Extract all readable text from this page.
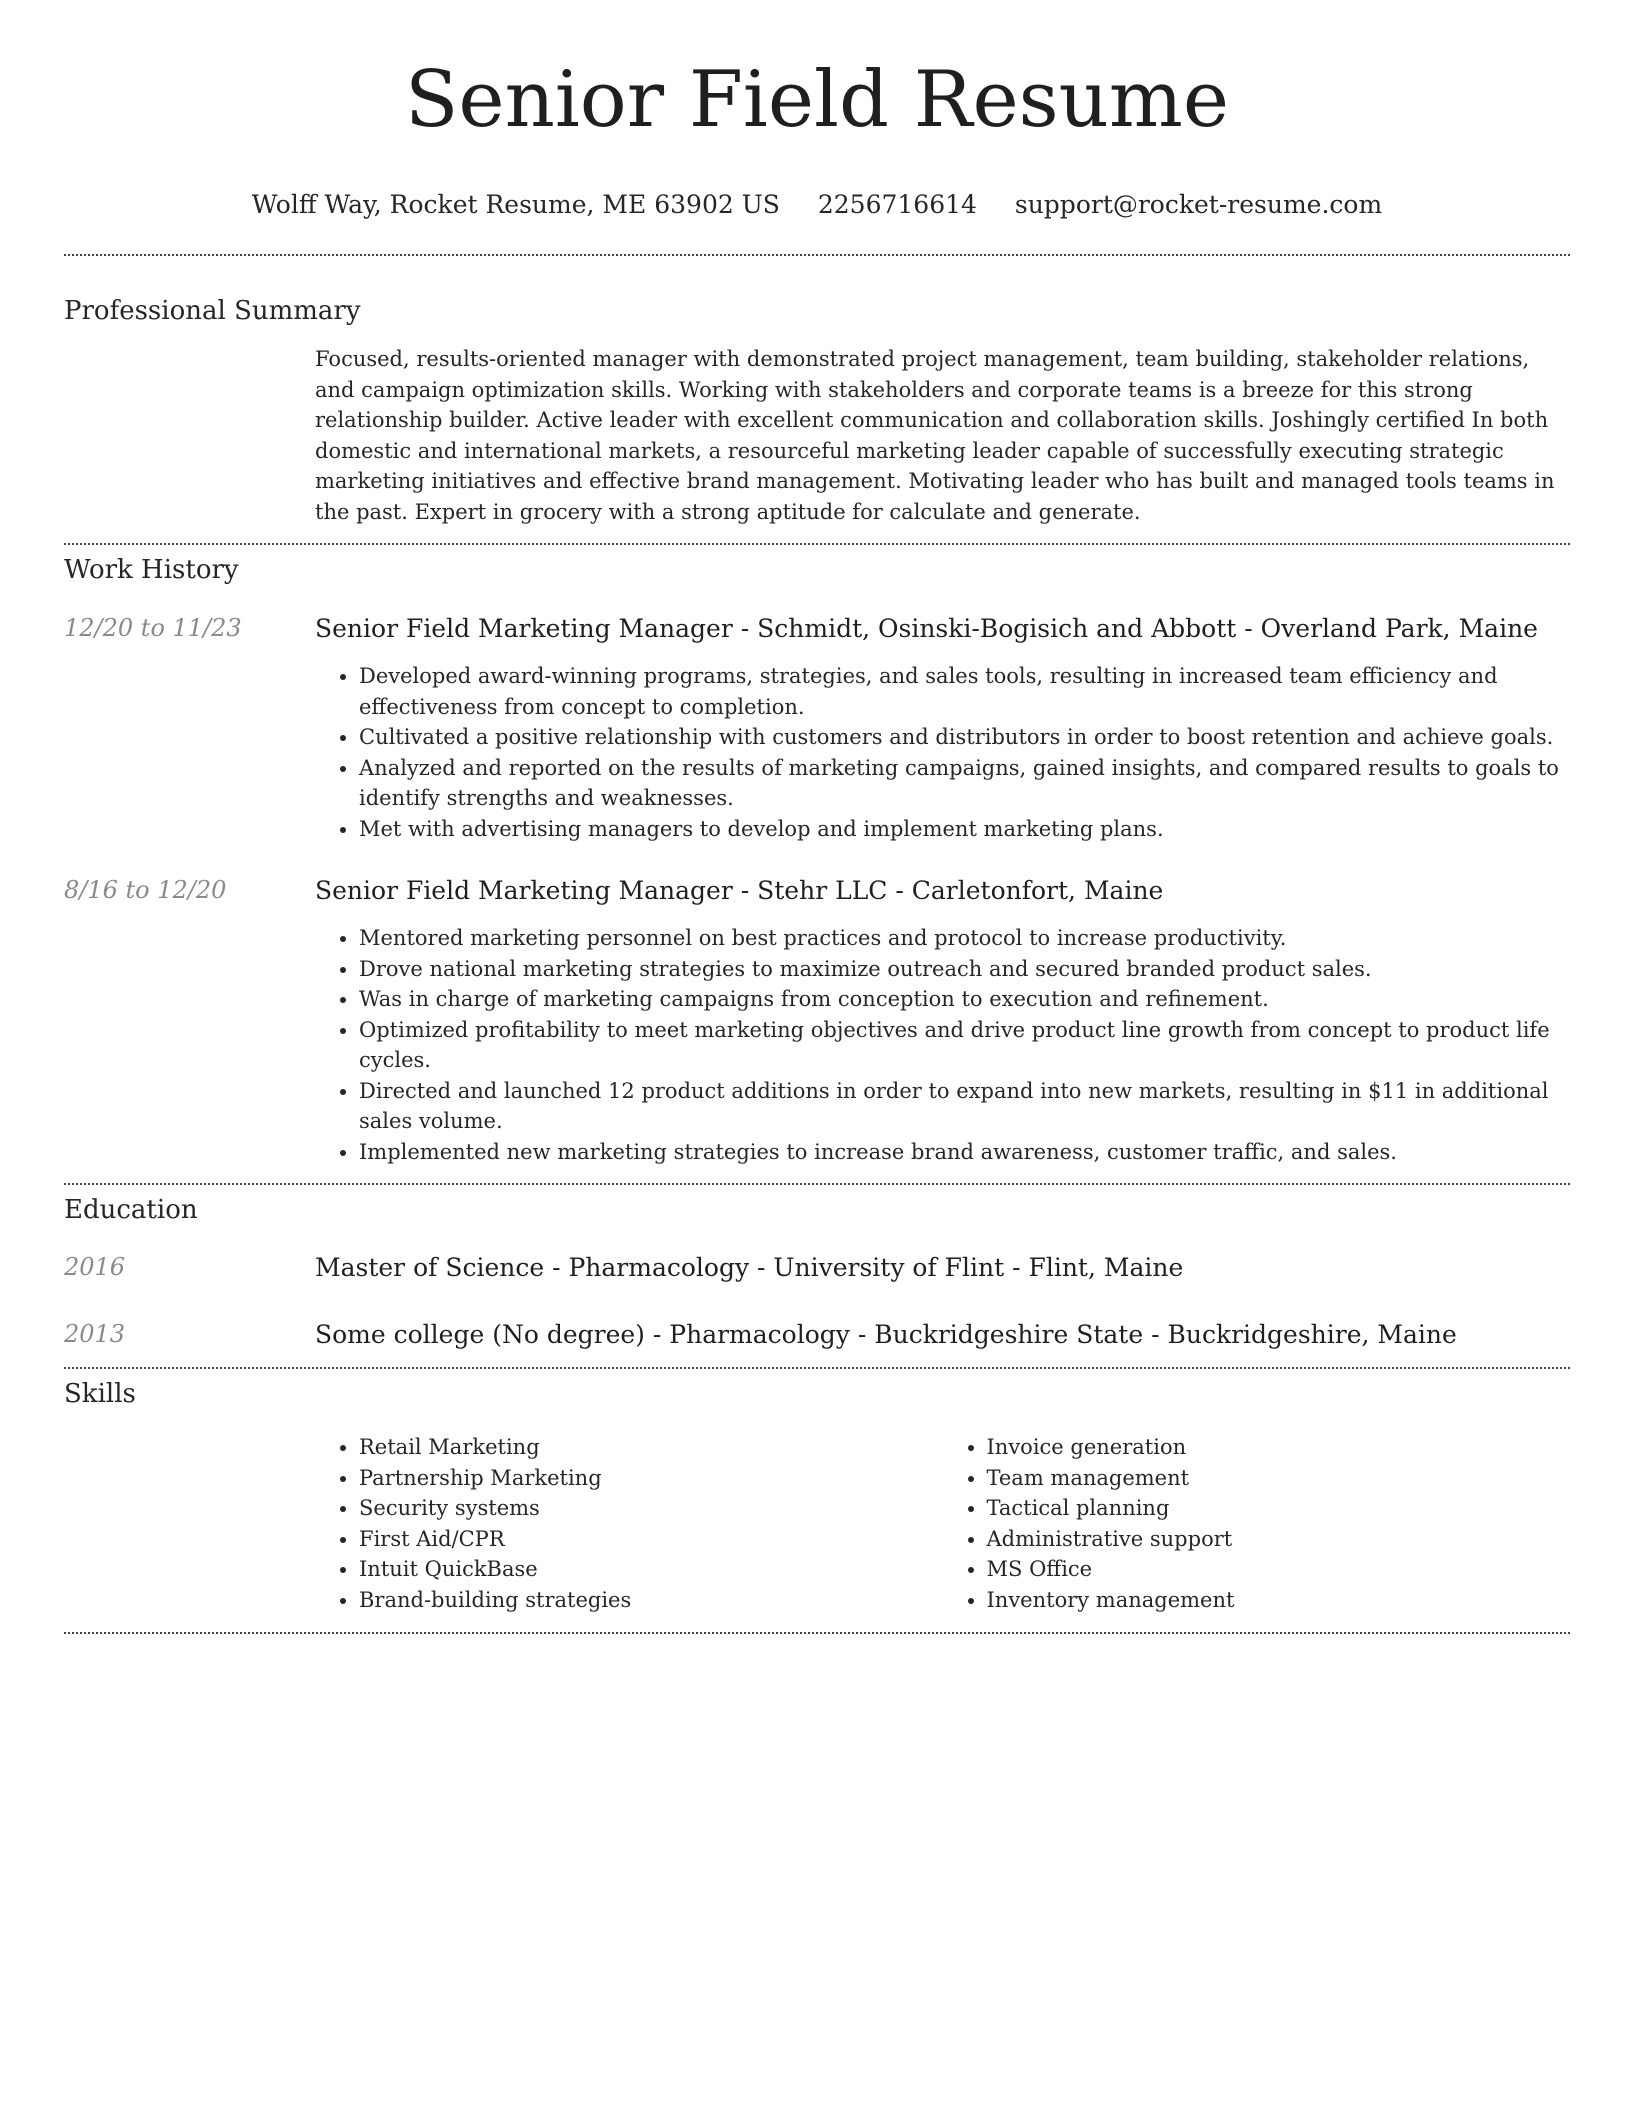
Senior Field Resume
Wolff Way, Rocket Resume, ME 63902 US 2256716614 support@rocket-resume.com
Professional Summary

Focused, results-oriented manager with demonstrated project management, team building, stakeholder relations, and campaign optimization skills. Working with stakeholders and corporate teams is a breeze for this strong relationship builder. Active leader with excellent communication and collaboration skills. Joshingly certified In both domestic and international markets, a resourceful marketing leader capable of successfully executing strategic marketing initiatives and effective brand management. Motivating leader who has built and managed tools teams in the past. Expert in grocery with a strong aptitude for calculate and generate.

Work History
12/20 to 11/23	Senior Field Marketing Manager - Schmidt, Osinski-Bogisich and Abbott - Overland Park, Maine

• Developed award-winning programs, strategies, and sales tools, resulting in increased team efficiency and effectiveness from concept to completion.
• Cultivated a positive relationship with customers and distributors in order to boost retention and achieve goals.
• Analyzed and reported on the results of marketing campaigns, gained insights, and compared results to goals to identify strengths and weaknesses.
• Met with advertising managers to develop and implement marketing plans.
8/16 to 12/20	Senior Field Marketing Manager - Stehr LLC - Carletonfort, Maine

• Mentored marketing personnel on best practices and protocol to increase productivity.
• Drove national marketing strategies to maximize outreach and secured branded product sales.
• Was in charge of marketing campaigns from conception to execution and refinement.
• Optimized profitability to meet marketing objectives and drive product line growth from concept to product life cycles.
• Directed and launched 12 product additions in order to expand into new markets, resulting in $11 in additional sales volume.
• Implemented new marketing strategies to increase brand awareness, customer traffic, and sales.
Education
2016	Master of Science - Pharmacology - University of Flint - Flint, Maine

2013	Some college (No degree) - Pharmacology - Buckridgeshire State - Buckridgeshire, Maine

Skills
• Retail Marketing
• Partnership Marketing
• Security systems
• First Aid/CPR
• Intuit QuickBase
• Brand-building strategies
• Invoice generation
• Team management
• Tactical planning
• Administrative support
• MS Office
• Inventory management
